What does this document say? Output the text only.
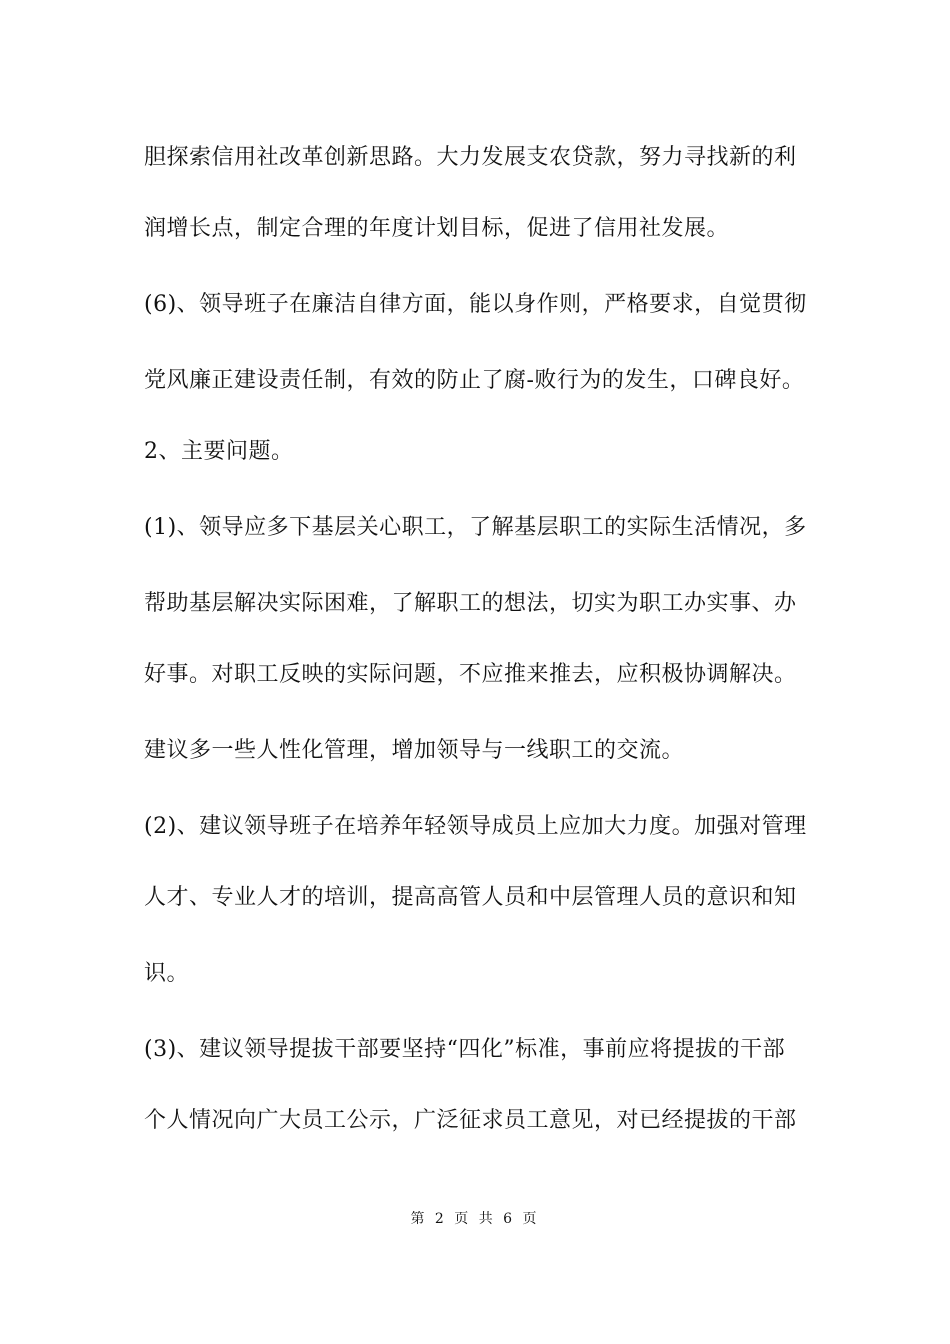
胆探索信用社改革创新思路。大力发展支农贷款，努力寻找新的利
润增长点，制定合理的年度计划目标，促进了信用社发展。
(6)、领导班子在廉洁自律方面，能以身作则，严格要求，自觉贯彻
党风廉正建设责任制，有效的防止了腐-败行为的发生，口碑良好。
2、主要问题。
(1)、领导应多下基层关心职工，了解基层职工的实际生活情况，多
帮助基层解决实际困难，了解职工的想法，切实为职工办实事、办
好事。对职工反映的实际问题，不应推来推去，应积极协调解决。
建议多一些人性化管理，增加领导与一线职工的交流。
(2)、建议领导班子在培养年轻领导成员上应加大力度。加强对管理
人才、专业人才的培训，提高高管人员和中层管理人员的意识和知
识。
(3)、建议领导提拔干部要坚持“四化”标准，事前应将提拔的干部
个人情况向广大员工公示，广泛征求员工意见，对已经提拔的干部
第 2 页 共 6 页
